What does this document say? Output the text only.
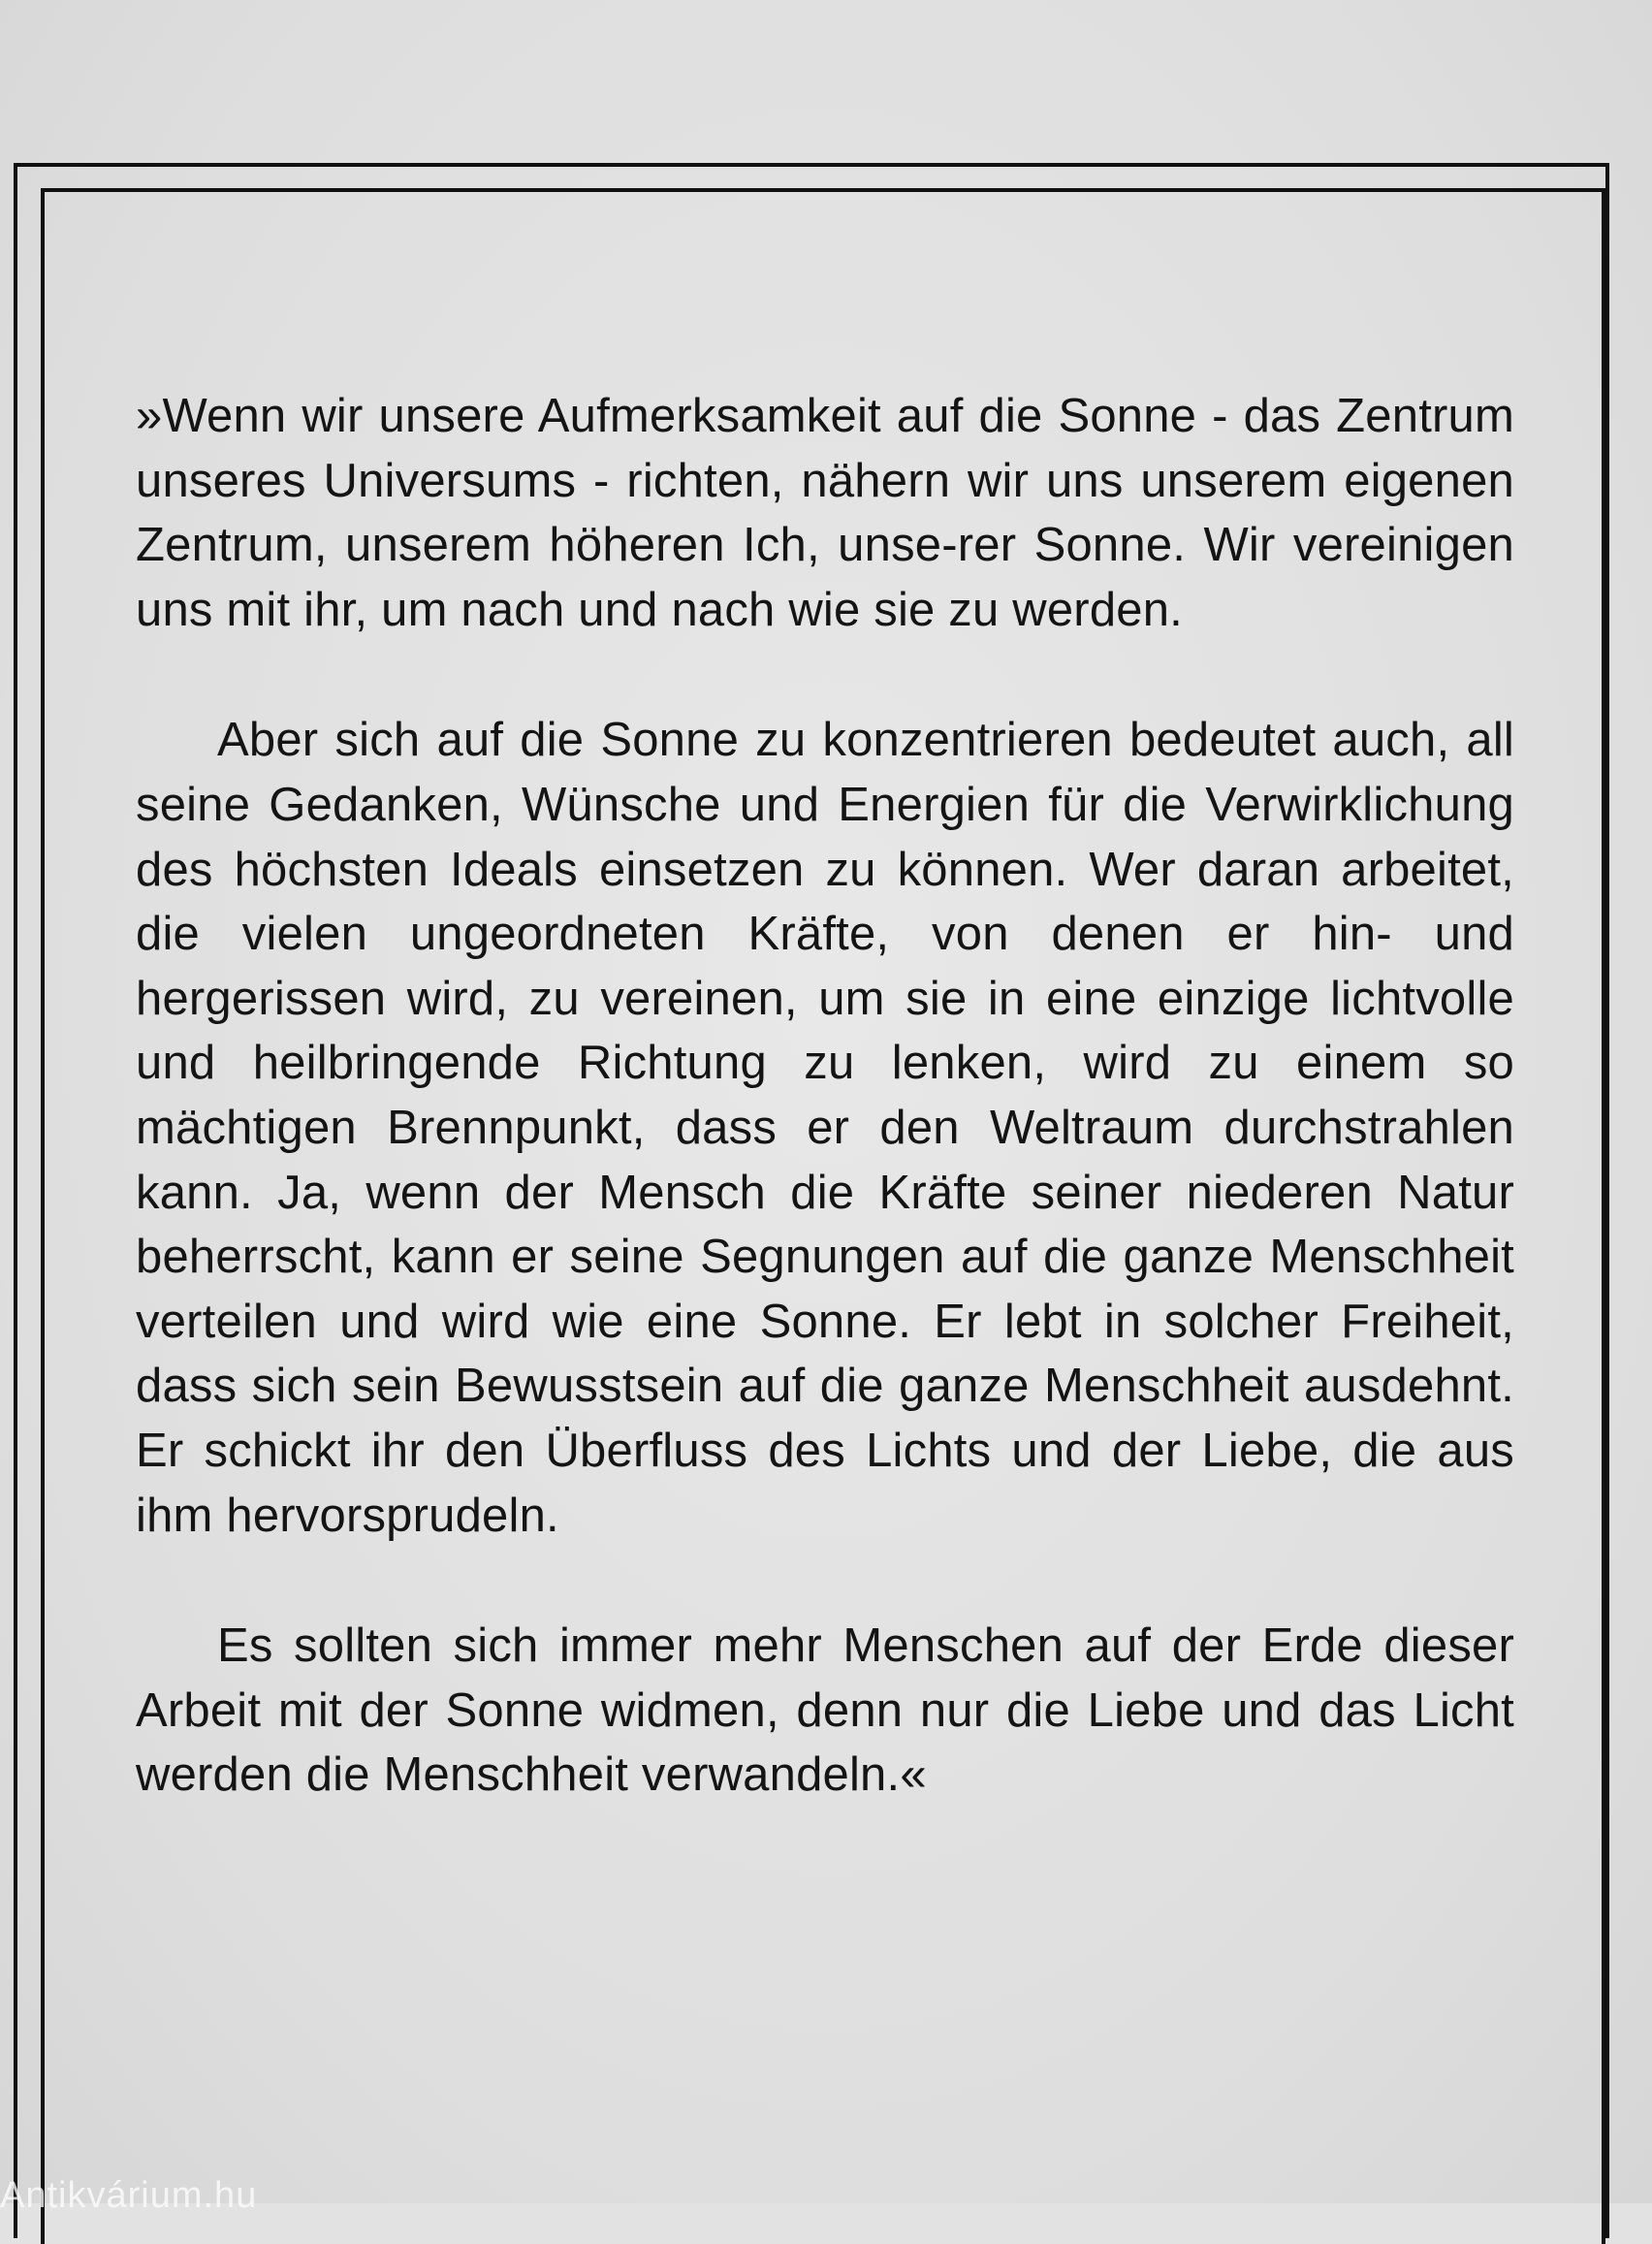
»Wenn wir unsere Aufmerksamkeit auf die Sonne - das Zentrum unseres Universums - richten, nähern wir uns unserem eigenen Zentrum, unserem höheren Ich, unse-rer Sonne. Wir vereinigen uns mit ihr, um nach und nach wie sie zu werden.

Aber sich auf die Sonne zu konzentrieren bedeutet auch, all seine Gedanken, Wünsche und Energien für die Verwirklichung des höchsten Ideals einsetzen zu können. Wer daran arbeitet, die vielen ungeordneten Kräfte, von denen er hin- und hergerissen wird, zu vereinen, um sie in eine einzige lichtvolle und heilbringende Richtung zu lenken, wird zu einem so mächtigen Brennpunkt, dass er den Weltraum durchstrahlen kann. Ja, wenn der Mensch die Kräfte seiner niederen Natur beherrscht, kann er seine Segnungen auf die ganze Menschheit verteilen und wird wie eine Sonne. Er lebt in solcher Freiheit, dass sich sein Bewusstsein auf die ganze Menschheit ausdehnt. Er schickt ihr den Überfluss des Lichts und der Liebe, die aus ihm hervorsprudeln.

Es sollten sich immer mehr Menschen auf der Erde dieser Arbeit mit der Sonne widmen, denn nur die Liebe und das Licht werden die Menschheit verwandeln.«

Antikvárium.hu
